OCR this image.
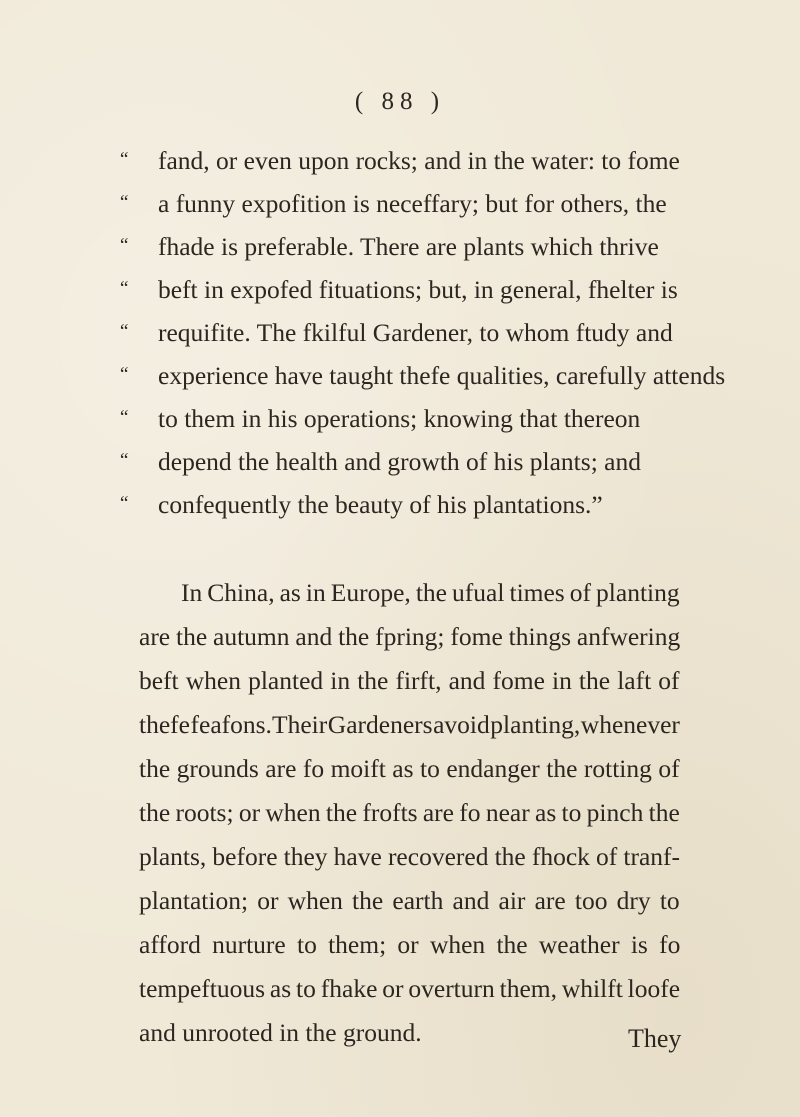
( 88 )
“ fand, or even upon rocks; and in the water: to fome
“ a funny expofition is neceffary; but for others, the
“ fhade is preferable. There are plants which thrive
“ beft in expofed fituations; but, in general, fhelter is
“ requifite. The fkilful Gardener, to whom ftudy and
“ experience have taught thefe qualities, carefully attends
“ to them in his operations; knowing that thereon
“ depend the health and growth of his plants; and
“ confequently the beauty of his plantations.”
In China, as in Europe, the ufual times of planting
are the autumn and the fpring; fome things anfwering
beft when planted in the firft, and fome in the laft of
thefe feafons. Their Gardeners avoid planting, whenever
the grounds are fo moift as to endanger the rotting of
the roots; or when the frofts are fo near as to pinch the
plants, before they have recovered the fhock of tranf-
plantation; or when the earth and air are too dry to
afford nurture to them; or when the weather is fo
tempeftuous as to fhake or overturn them, whilft loofe
and unrooted in the ground.	They
